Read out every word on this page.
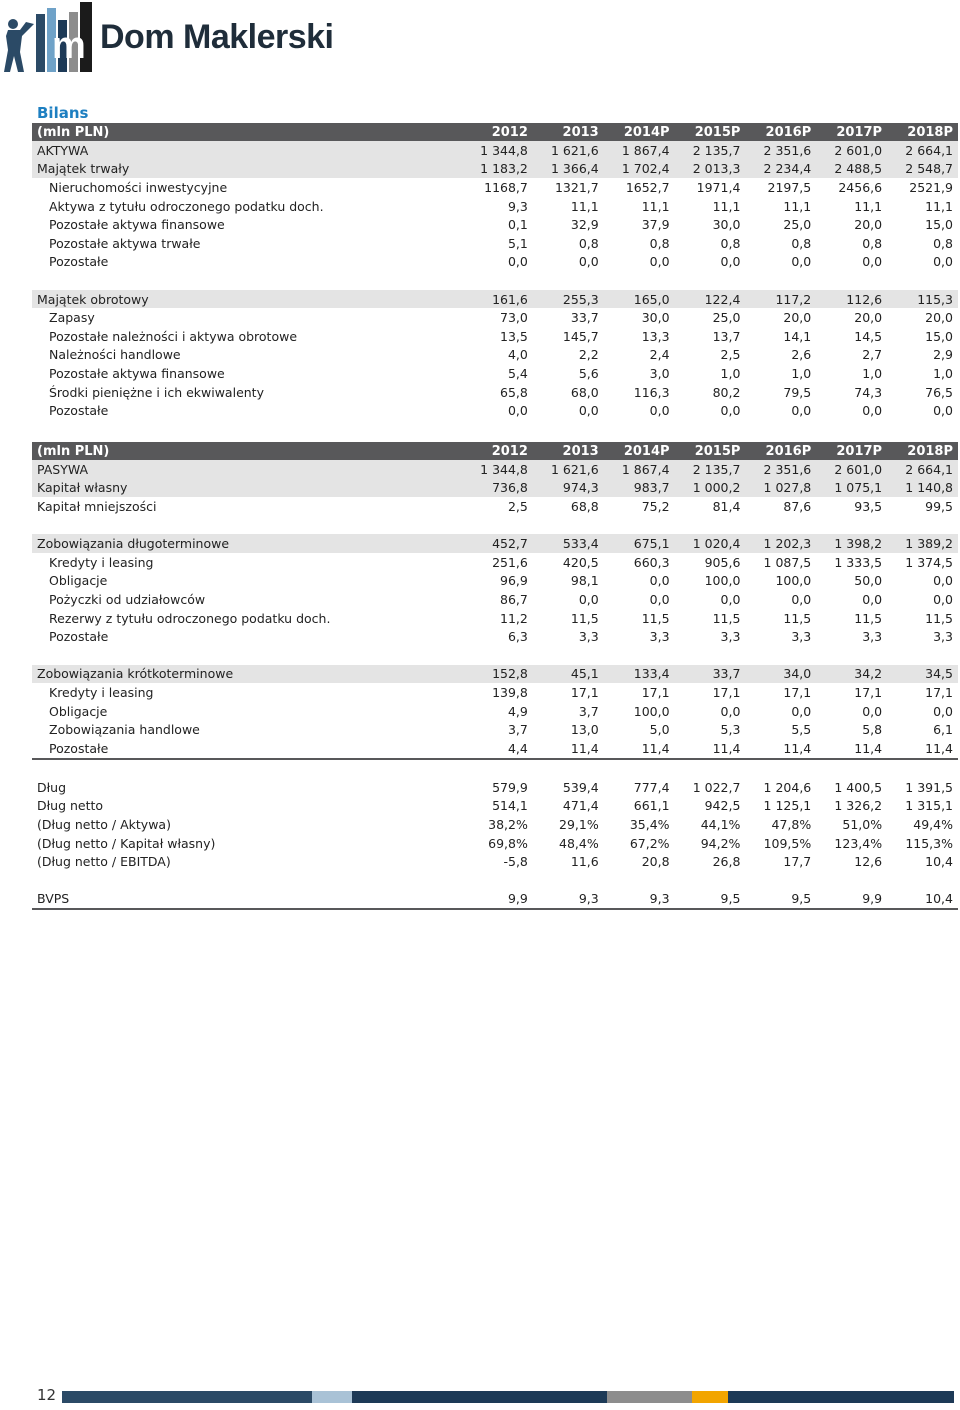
m Dom Maklerski
Bilans
(mln PLN)	2012	2013	2014P	2015P	2016P	2017P	2018P
AKTYWA	1 344,8	1 621,6	1 867,4	2 135,7	2 351,6	2 601,0	2 664,1
Majątek trwały	1 183,2	1 366,4	1 702,4	2 013,3	2 234,4	2 488,5	2 548,7
Nieruchomości inwestycyjne	1168,7	1321,7	1652,7	1971,4	2197,5	2456,6	2521,9
Aktywa z tytułu odroczonego podatku doch.	9,3	11,1	11,1	11,1	11,1	11,1	11,1
Pozostałe aktywa finansowe	0,1	32,9	37,9	30,0	25,0	20,0	15,0
Pozostałe aktywa trwałe	5,1	0,8	0,8	0,8	0,8	0,8	0,8
Pozostałe	0,0	0,0	0,0	0,0	0,0	0,0	0,0

Majątek obrotowy	161,6	255,3	165,0	122,4	117,2	112,6	115,3
Zapasy	73,0	33,7	30,0	25,0	20,0	20,0	20,0
Pozostałe należności i aktywa obrotowe	13,5	145,7	13,3	13,7	14,1	14,5	15,0
Należności handlowe	4,0	2,2	2,4	2,5	2,6	2,7	2,9
Pozostałe aktywa finansowe	5,4	5,6	3,0	1,0	1,0	1,0	1,0
Środki pieniężne i ich ekwiwalenty	65,8	68,0	116,3	80,2	79,5	74,3	76,5
Pozostałe	0,0	0,0	0,0	0,0	0,0	0,0	0,0
(mln PLN)	2012	2013	2014P	2015P	2016P	2017P	2018P
PASYWA	1 344,8	1 621,6	1 867,4	2 135,7	2 351,6	2 601,0	2 664,1
Kapitał własny	736,8	974,3	983,7	1 000,2	1 027,8	1 075,1	1 140,8
Kapitał mniejszości	2,5	68,8	75,2	81,4	87,6	93,5	99,5

Zobowiązania długoterminowe	452,7	533,4	675,1	1 020,4	1 202,3	1 398,2	1 389,2
Kredyty i leasing	251,6	420,5	660,3	905,6	1 087,5	1 333,5	1 374,5
Obligacje	96,9	98,1	0,0	100,0	100,0	50,0	0,0
Pożyczki od udziałowców	86,7	0,0	0,0	0,0	0,0	0,0	0,0
Rezerwy z tytułu odroczonego podatku doch.	11,2	11,5	11,5	11,5	11,5	11,5	11,5
Pozostałe	6,3	3,3	3,3	3,3	3,3	3,3	3,3

Zobowiązania krótkoterminowe	152,8	45,1	133,4	33,7	34,0	34,2	34,5
Kredyty i leasing	139,8	17,1	17,1	17,1	17,1	17,1	17,1
Obligacje	4,9	3,7	100,0	0,0	0,0	0,0	0,0
Zobowiązania handlowe	3,7	13,0	5,0	5,3	5,5	5,8	6,1
Pozostałe	4,4	11,4	11,4	11,4	11,4	11,4	11,4

Dług	579,9	539,4	777,4	1 022,7	1 204,6	1 400,5	1 391,5
Dług netto	514,1	471,4	661,1	942,5	1 125,1	1 326,2	1 315,1
(Dług netto / Aktywa)	38,2%	29,1%	35,4%	44,1%	47,8%	51,0%	49,4%
(Dług netto / Kapitał własny)	69,8%	48,4%	67,2%	94,2%	109,5%	123,4%	115,3%
(Dług netto / EBITDA)	-5,8	11,6	20,8	26,8	17,7	12,6	10,4

BVPS	9,9	9,3	9,3	9,5	9,5	9,9	10,4
12
